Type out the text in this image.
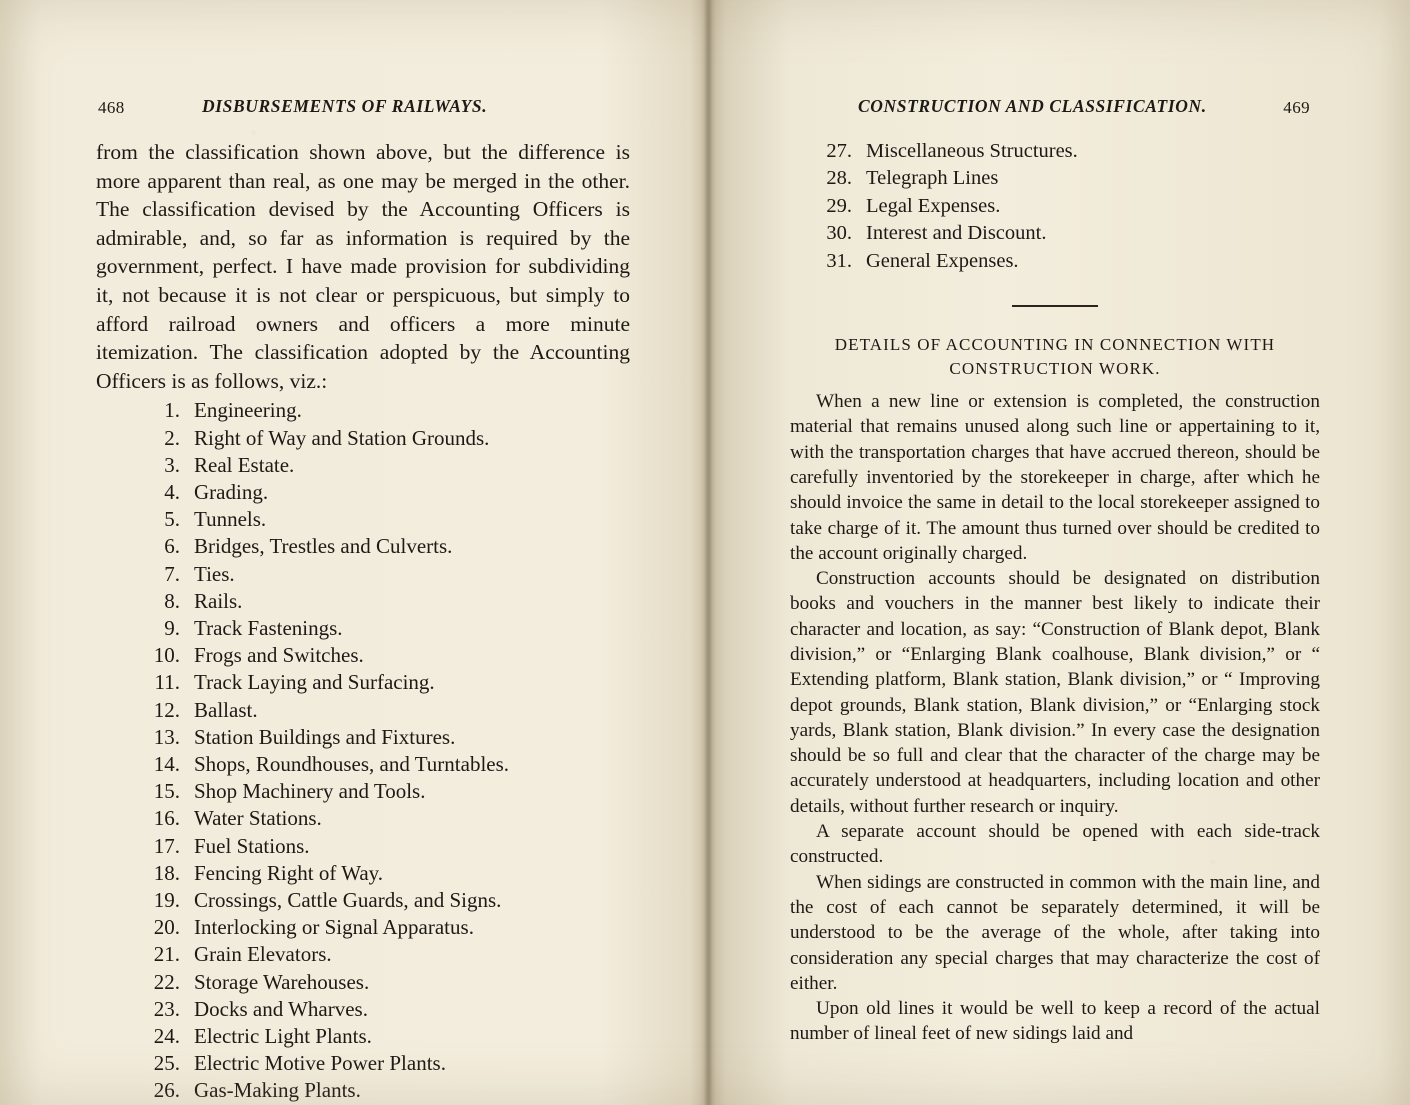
468	DISBURSEMENTS OF RAILWAYS.

from the classification shown above, but the difference is more apparent than real, as one may be merged in the other. The classification devised by the Accounting Officers is admirable, and, so far as information is required by the government, perfect. I have made provision for subdividing it, not because it is not clear or perspicuous, but simply to afford railroad owners and officers a more minute itemization. The classification adopted by the Accounting Officers is as follows, viz.:

1. Engineering.
2. Right of Way and Station Grounds.
3. Real Estate.
4. Grading.
5. Tunnels.
6. Bridges, Trestles and Culverts.
7. Ties.
8. Rails.
9. Track Fastenings.
10. Frogs and Switches.
11. Track Laying and Surfacing.
12. Ballast.
13. Station Buildings and Fixtures.
14. Shops, Roundhouses, and Turntables.
15. Shop Machinery and Tools.
16. Water Stations.
17. Fuel Stations.
18. Fencing Right of Way.
19. Crossings, Cattle Guards, and Signs.
20. Interlocking or Signal Apparatus.
21. Grain Elevators.
22. Storage Warehouses.
23. Docks and Wharves.
24. Electric Light Plants.
25. Electric Motive Power Plants.
26. Gas-Making Plants.
CONSTRUCTION AND CLASSIFICATION.	469
27. Miscellaneous Structures.
28. Telegraph Lines
29. Legal Expenses.
30. Interest and Discount.
31. General Expenses.
DETAILS OF ACCOUNTING IN CONNECTION WITH CONSTRUCTION WORK.

When a new line or extension is completed, the construction material that remains unused along such line or appertaining to it, with the transportation charges that have accrued thereon, should be carefully inventoried by the storekeeper in charge, after which he should invoice the same in detail to the local storekeeper assigned to take charge of it. The amount thus turned over should be credited to the account originally charged.

Construction accounts should be designated on distribution books and vouchers in the manner best likely to indicate their character and location, as say: “Construction of Blank depot, Blank division,” or “Enlarging Blank coalhouse, Blank division,” or “ Extending platform, Blank station, Blank division,” or “ Improving depot grounds, Blank station, Blank division,” or “Enlarging stock yards, Blank station, Blank division.” In every case the designation should be so full and clear that the character of the charge may be accurately understood at headquarters, including location and other details, without further research or inquiry.

A separate account should be opened with each side-track constructed.

When sidings are constructed in common with the main line, and the cost of each cannot be separately determined, it will be understood to be the average of the whole, after taking into consideration any special charges that may characterize the cost of either.

Upon old lines it would be well to keep a record of the actual number of lineal feet of new sidings laid and
